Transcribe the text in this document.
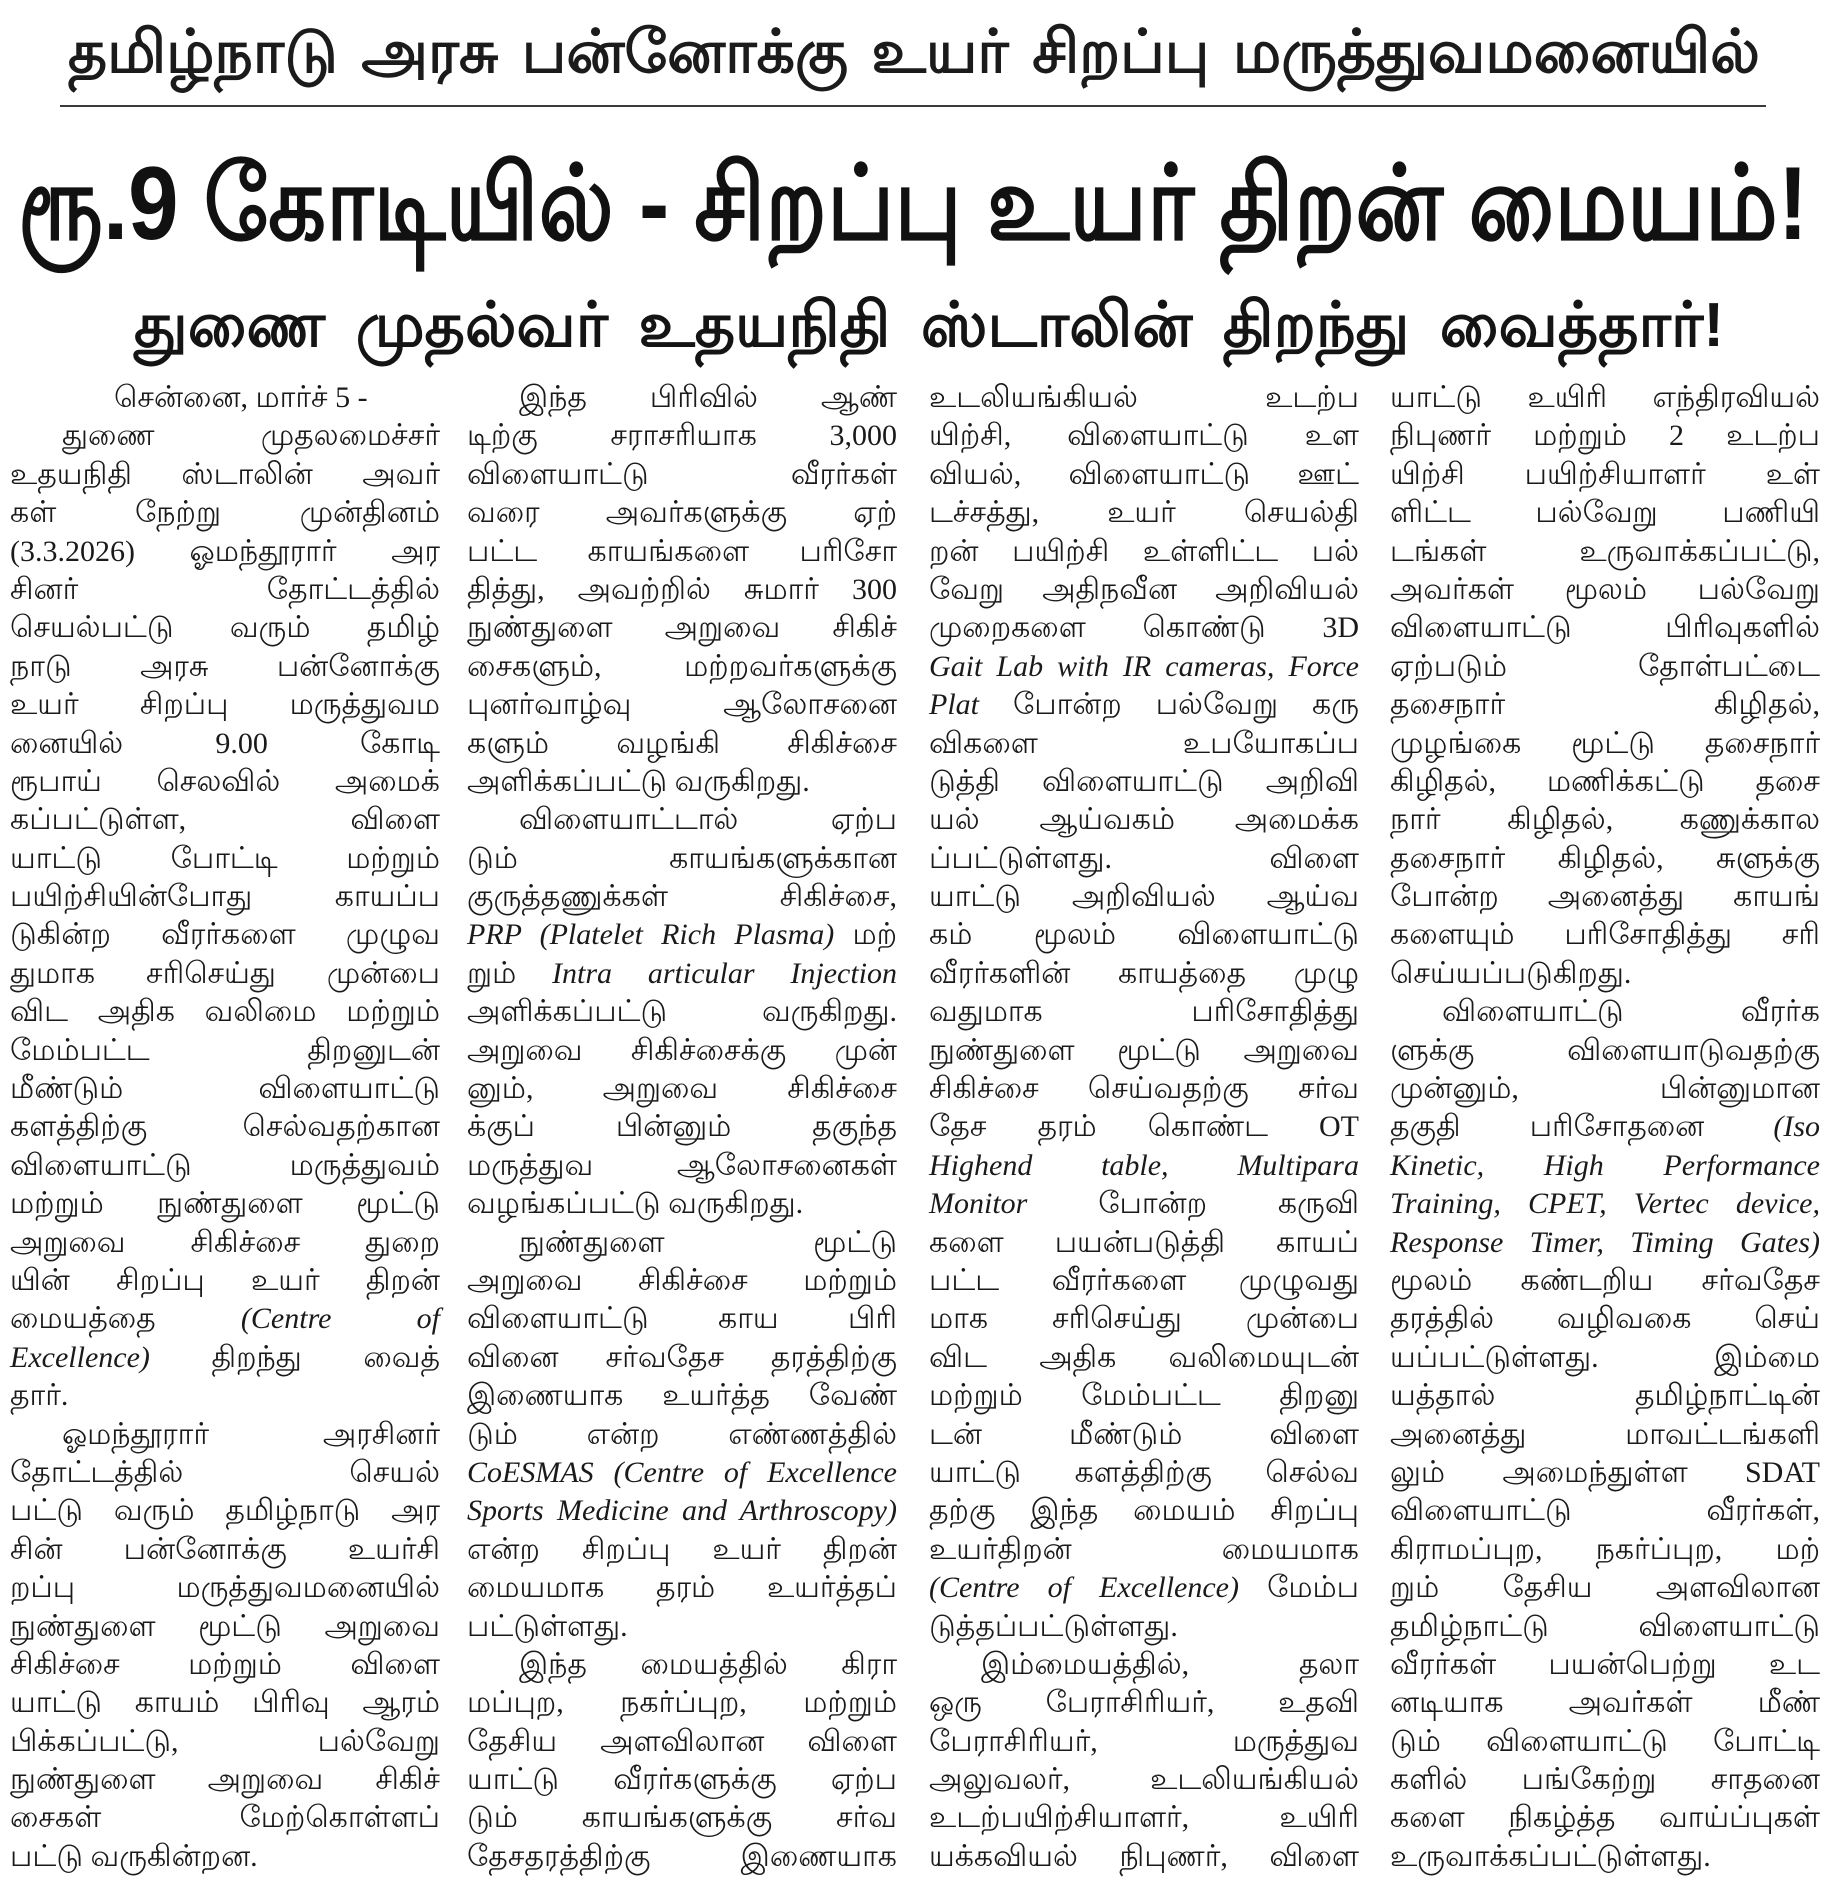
தமிழ்நாடு அரசு பன்னோக்கு உயர் சிறப்பு மருத்துவமனையில்
ரூ.9 கோடியில் - சிறப்பு உயர் திறன் மையம்!
துணை முதல்வர் உதயநிதி ஸ்டாலின் திறந்து வைத்தார்!
சென்னை, மார்ச் 5 -
துணை முதலமைச்சர்
உதயநிதி ஸ்டாலின் அவர்
கள் நேற்று முன்தினம்
(3.3.2026) ஓமந்தூரார் அர
சினர் தோட்டத்தில்
செயல்பட்டு வரும் தமிழ்
நாடு அரசு பன்னோக்கு
உயர் சிறப்பு மருத்துவம
னையில் 9.00 கோடி
ரூபாய் செலவில் அமைக்
கப்பட்டுள்ள, விளை
யாட்டு போட்டி மற்றும்
பயிற்சியின்போது காயப்ப
டுகின்ற வீரர்களை முழுவ
துமாக சரிசெய்து முன்பை
விட அதிக வலிமை மற்றும்
மேம்பட்ட திறனுடன்
மீண்டும் விளையாட்டு
களத்திற்கு செல்வதற்கான
விளையாட்டு மருத்துவம்
மற்றும் நுண்துளை மூட்டு
அறுவை சிகிச்சை துறை
யின் சிறப்பு உயர் திறன்
மையத்தை (Centre of
Excellence) திறந்து வைத்
தார்.
ஓமந்தூரார் அரசினர்
தோட்டத்தில் செயல்
பட்டு வரும் தமிழ்நாடு அர
சின் பன்னோக்கு உயர்சி
றப்பு மருத்துவமனையில்
நுண்துளை மூட்டு அறுவை
சிகிச்சை மற்றும் விளை
யாட்டு காயம் பிரிவு ஆரம்
பிக்கப்பட்டு, பல்வேறு
நுண்துளை அறுவை சிகிச்
சைகள் மேற்கொள்ளப்
பட்டு வருகின்றன.
இந்த பிரிவில் ஆண்
டிற்கு சராசரியாக 3,000
விளையாட்டு வீரர்கள்
வரை அவர்களுக்கு ஏற்
பட்ட காயங்களை பரிசோ
தித்து, அவற்றில் சுமார் 300
நுண்துளை அறுவை சிகிச்
சைகளும், மற்றவர்களுக்கு
புனர்வாழ்வு ஆலோசனை
களும் வழங்கி சிகிச்சை
அளிக்கப்பட்டு வருகிறது.
விளையாட்டால் ஏற்ப
டும் காயங்களுக்கான
குருத்தணுக்கள் சிகிச்சை,
PRP (Platelet Rich Plasma) மற்
றும் Intra articular Injection
அளிக்கப்பட்டு வருகிறது.
அறுவை சிகிச்சைக்கு முன்
னும், அறுவை சிகிச்சை
க்குப் பின்னும் தகுந்த
மருத்துவ ஆலோசனைகள்
வழங்கப்பட்டு வருகிறது.
நுண்துளை மூட்டு
அறுவை சிகிச்சை மற்றும்
விளையாட்டு காய பிரி
வினை சர்வதேச தரத்திற்கு
இணையாக உயர்த்த வேண்
டும் என்ற எண்ணத்தில்
CoESMAS (Centre of Excellence
Sports Medicine and Arthroscopy)
என்ற சிறப்பு உயர் திறன்
மையமாக தரம் உயர்த்தப்
பட்டுள்ளது.
இந்த மையத்தில் கிரா
மப்புற, நகர்ப்புற, மற்றும்
தேசிய அளவிலான விளை
யாட்டு வீரர்களுக்கு ஏற்ப
டும் காயங்களுக்கு சர்வ
தேசதரத்திற்கு இணையாக
உடலியங்கியல் உடற்ப
யிற்சி, விளையாட்டு உள
வியல், விளையாட்டு ஊட்
டச்சத்து, உயர் செயல்தி
றன் பயிற்சி உள்ளிட்ட பல்
வேறு அதிநவீன அறிவியல்
முறைகளை கொண்டு 3D
Gait Lab with IR cameras, Force
Plat போன்ற பல்வேறு கரு
விகளை உபயோகப்ப
டுத்தி விளையாட்டு அறிவி
யல் ஆய்வகம் அமைக்க
ப்பட்டுள்ளது. விளை
யாட்டு அறிவியல் ஆய்வ
கம் மூலம் விளையாட்டு
வீரர்களின் காயத்தை முழு
வதுமாக பரிசோதித்து
நுண்துளை மூட்டு அறுவை
சிகிச்சை செய்வதற்கு சர்வ
தேச தரம் கொண்ட OT
Highend table, Multipara
Monitor போன்ற கருவி
களை பயன்படுத்தி காயப்
பட்ட வீரர்களை முழுவது
மாக சரிசெய்து முன்பை
விட அதிக வலிமையுடன்
மற்றும் மேம்பட்ட திறனு
டன் மீண்டும் விளை
யாட்டு களத்திற்கு செல்வ
தற்கு இந்த மையம் சிறப்பு
உயர்திறன் மையமாக
(Centre of Excellence) மேம்ப
டுத்தப்பட்டுள்ளது.
இம்மையத்தில், தலா
ஒரு பேராசிரியர், உதவி
பேராசிரியர், மருத்துவ
அலுவலர், உடலியங்கியல்
உடற்பயிற்சியாளர், உயிரி
யக்கவியல் நிபுணர், விளை
யாட்டு உயிரி எந்திரவியல்
நிபுணர் மற்றும் 2 உடற்ப
யிற்சி பயிற்சியாளர் உள்
ளிட்ட பல்வேறு பணியி
டங்கள் உருவாக்கப்பட்டு,
அவர்கள் மூலம் பல்வேறு
விளையாட்டு பிரிவுகளில்
ஏற்படும் தோள்பட்டை
தசைநார் கிழிதல்,
முழங்கை மூட்டு தசைநார்
கிழிதல், மணிக்கட்டு தசை
நார் கிழிதல், கணுக்கால
தசைநார் கிழிதல், சுளுக்கு
போன்ற அனைத்து காயங்
களையும் பரிசோதித்து சரி
செய்யப்படுகிறது.
விளையாட்டு வீரர்க
ளுக்கு விளையாடுவதற்கு
முன்னும், பின்னுமான
தகுதி பரிசோதனை (Iso
Kinetic, High Performance
Training, CPET, Vertec device,
Response Timer, Timing Gates)
மூலம் கண்டறிய சர்வதேச
தரத்தில் வழிவகை செய்
யப்பட்டுள்ளது. இம்மை
யத்தால் தமிழ்நாட்டின்
அனைத்து மாவட்டங்களி
லும் அமைந்துள்ள SDAT
விளையாட்டு வீரர்கள்,
கிராமப்புற, நகர்ப்புற, மற்
றும் தேசிய அளவிலான
தமிழ்நாட்டு விளையாட்டு
வீரர்கள் பயன்பெற்று உட
னடியாக அவர்கள் மீண்
டும் விளையாட்டு போட்டி
களில் பங்கேற்று சாதனை
களை நிகழ்த்த வாய்ப்புகள்
உருவாக்கப்பட்டுள்ளது.
